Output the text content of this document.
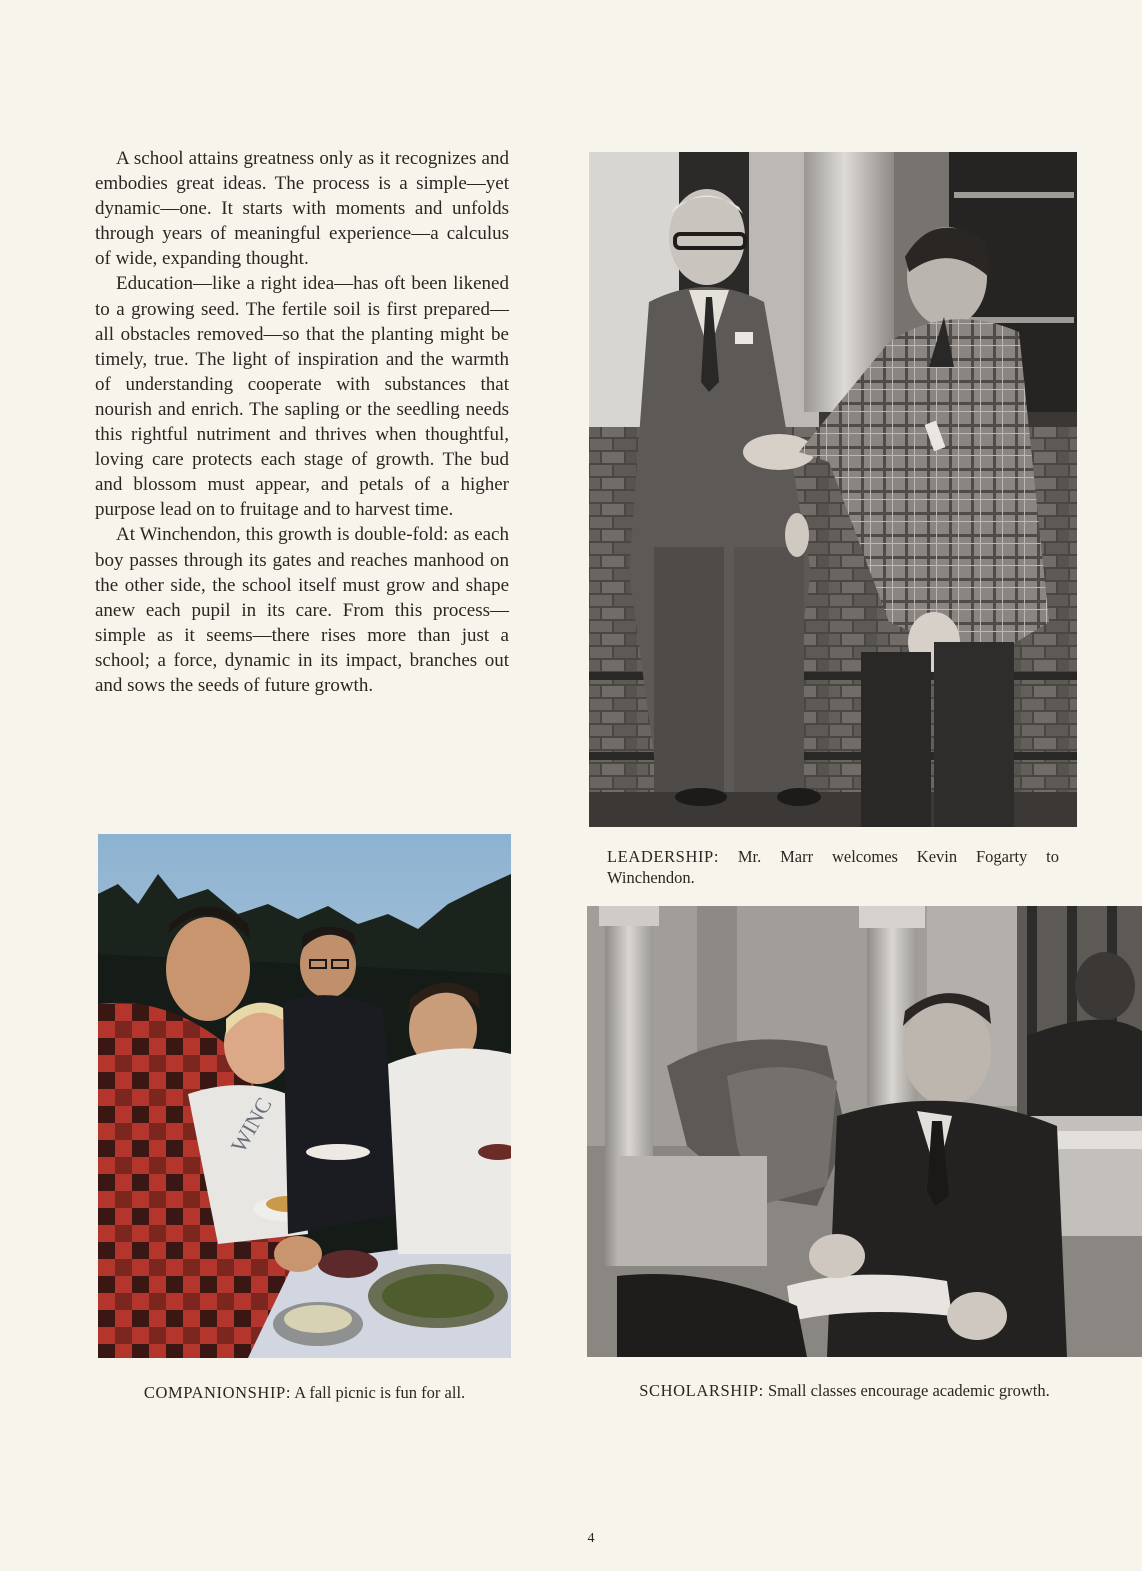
A school attains greatness only as it recognizes and embodies great ideas. The process is a simple—yet dynamic—one. It starts with moments and unfolds through years of meaningful experience—a calculus of wide, expanding thought.

Education—like a right idea—has oft been likened to a growing seed. The fertile soil is first prepared—all obstacles removed—so that the planting might be timely, true. The light of inspiration and the warmth of understanding cooperate with substances that nourish and enrich. The sapling or the seedling needs this rightful nutriment and thrives when thoughtful, loving care protects each stage of growth. The bud and blossom must appear, and petals of a higher purpose lead on to fruitage and to harvest time.

At Winchendon, this growth is double-fold: as each boy passes through its gates and reaches manhood on the other side, the school itself must grow and shape anew each pupil in its care. From this process—simple as it seems—there rises more than just a school; a force, dynamic in its impact, branches out and sows the seeds of future growth.

LEADERSHIP: Mr. Marr welcomes Kevin Fogarty to Winchendon.
WINC
COMPANIONSHIP: A fall picnic is fun for all.	SCHOLARSHIP: Small classes encourage academic growth.
4
